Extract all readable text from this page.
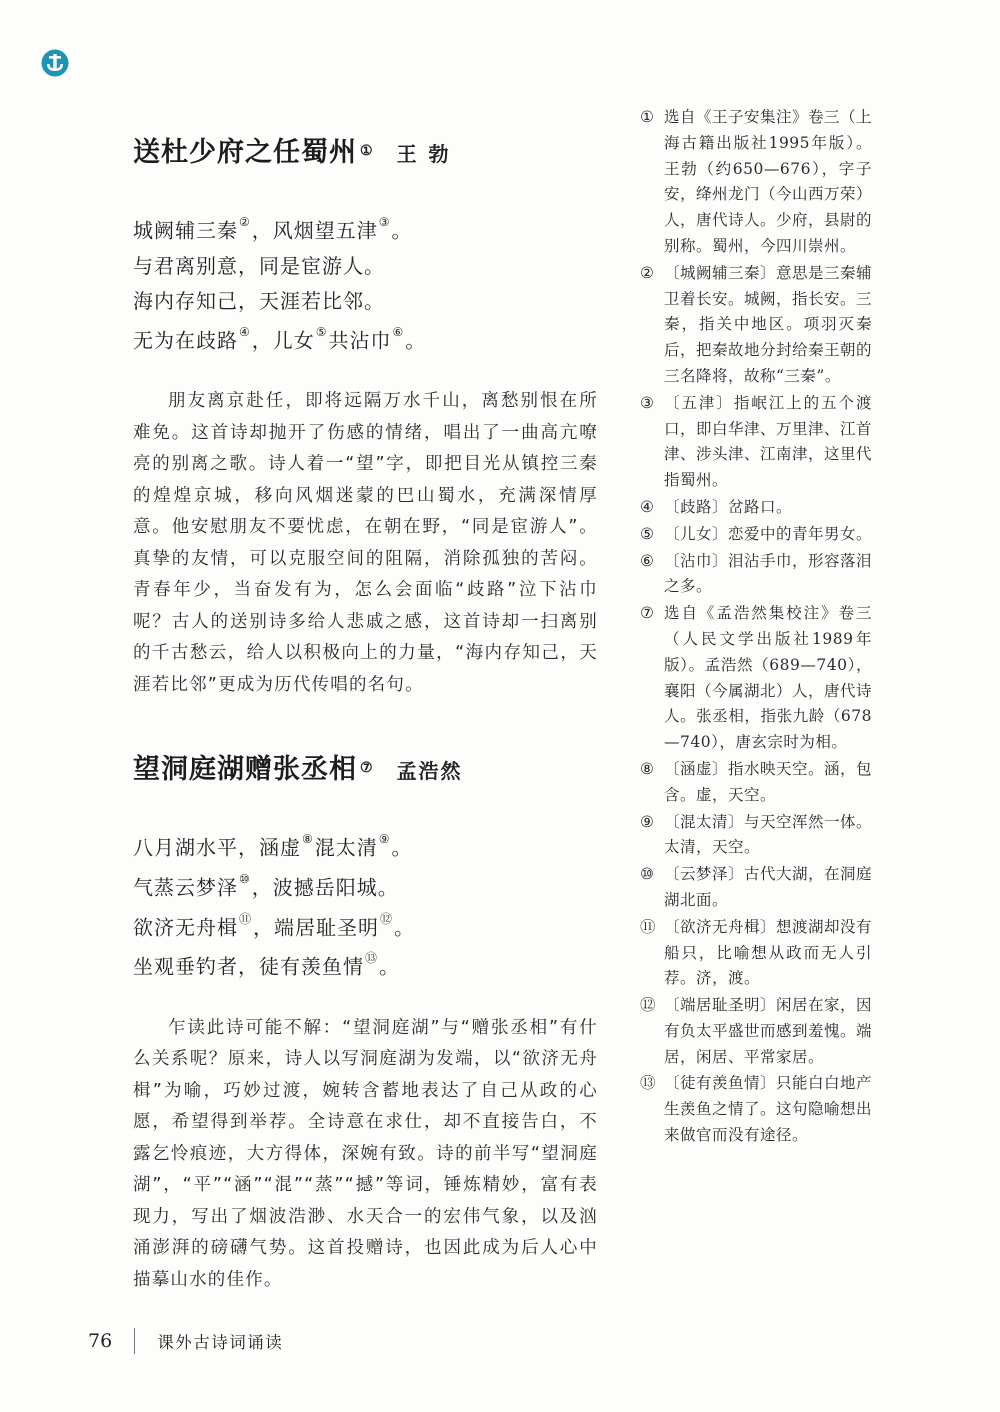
送杜少府之任蜀州① 王勃
城阙辅三秦②，风烟望五津③。
与君离别意，同是宦游人。
海内存知己，天涯若比邻。
无为在歧路④，儿女⑤共沾巾⑥。
朋友离京赴任，即将远隔万水千山，离愁别恨在所难免。这首诗却抛开了伤感的情绪，唱出了一曲高亢嘹亮的别离之歌。诗人着一“望”字，即把目光从镇控三秦的煌煌京城，移向风烟迷蒙的巴山蜀水，充满深情厚意。他安慰朋友不要忧虑，在朝在野，“同是宦游人”。真挚的友情，可以克服空间的阻隔，消除孤独的苦闷。青春年少，当奋发有为，怎么会面临“歧路”泣下沾巾呢？古人的送别诗多给人悲戚之感，这首诗却一扫离别的千古愁云，给人以积极向上的力量，“海内存知己，天涯若比邻”更成为历代传唱的名句。
望洞庭湖赠张丞相⑦ 孟浩然
八月湖水平，涵虚⑧混太清⑨。
气蒸云梦泽⑩，波撼岳阳城。
欲济无舟楫⑪，端居耻圣明⑫。
坐观垂钓者，徒有羡鱼情⑬。
乍读此诗可能不解：“望洞庭湖”与“赠张丞相”有什么关系呢？原来，诗人以写洞庭湖为发端，以“欲济无舟楫”为喻，巧妙过渡，婉转含蓄地表达了自己从政的心愿，希望得到举荐。全诗意在求仕，却不直接告白，不露乞怜痕迹，大方得体，深婉有致。诗的前半写“望洞庭湖”，“平”“涵”“混”“蒸”“撼”等词，锤炼精妙，富有表现力，写出了烟波浩渺、水天合一的宏伟气象，以及汹涌澎湃的磅礴气势。这首投赠诗，也因此成为后人心中描摹山水的佳作。
① 选自《王子安集注》卷三（上海古籍出版社1995年版）。王勃（约650—676），字子安，绛州龙门（今山西万荣）人，唐代诗人。少府，县尉的别称。蜀州，今四川崇州。
② 〔城阙辅三秦〕意思是三秦辅卫着长安。城阙，指长安。三秦，指关中地区。项羽灭秦后，把秦故地分封给秦王朝的三名降将，故称“三秦”。
③ 〔五津〕指岷江上的五个渡口，即白华津、万里津、江首津、涉头津、江南津，这里代指蜀州。
④ 〔歧路〕岔路口。
⑤ 〔儿女〕恋爱中的青年男女。
⑥ 〔沾巾〕泪沾手巾，形容落泪之多。
⑦ 选自《孟浩然集校注》卷三（人民文学出版社1989年版）。孟浩然（689—740），襄阳（今属湖北）人，唐代诗人。张丞相，指张九龄（678—740），唐玄宗时为相。
⑧ 〔涵虚〕指水映天空。涵，包含。虚，天空。
⑨ 〔混太清〕与天空浑然一体。太清，天空。
⑩ 〔云梦泽〕古代大湖，在洞庭湖北面。
⑪ 〔欲济无舟楫〕想渡湖却没有船只，比喻想从政而无人引荐。济，渡。
⑫ 〔端居耻圣明〕闲居在家，因有负太平盛世而感到羞愧。端居，闲居、平常家居。
⑬ 〔徒有羡鱼情〕只能白白地产生羡鱼之情了。这句隐喻想出来做官而没有途径。
76	课外古诗词诵读
